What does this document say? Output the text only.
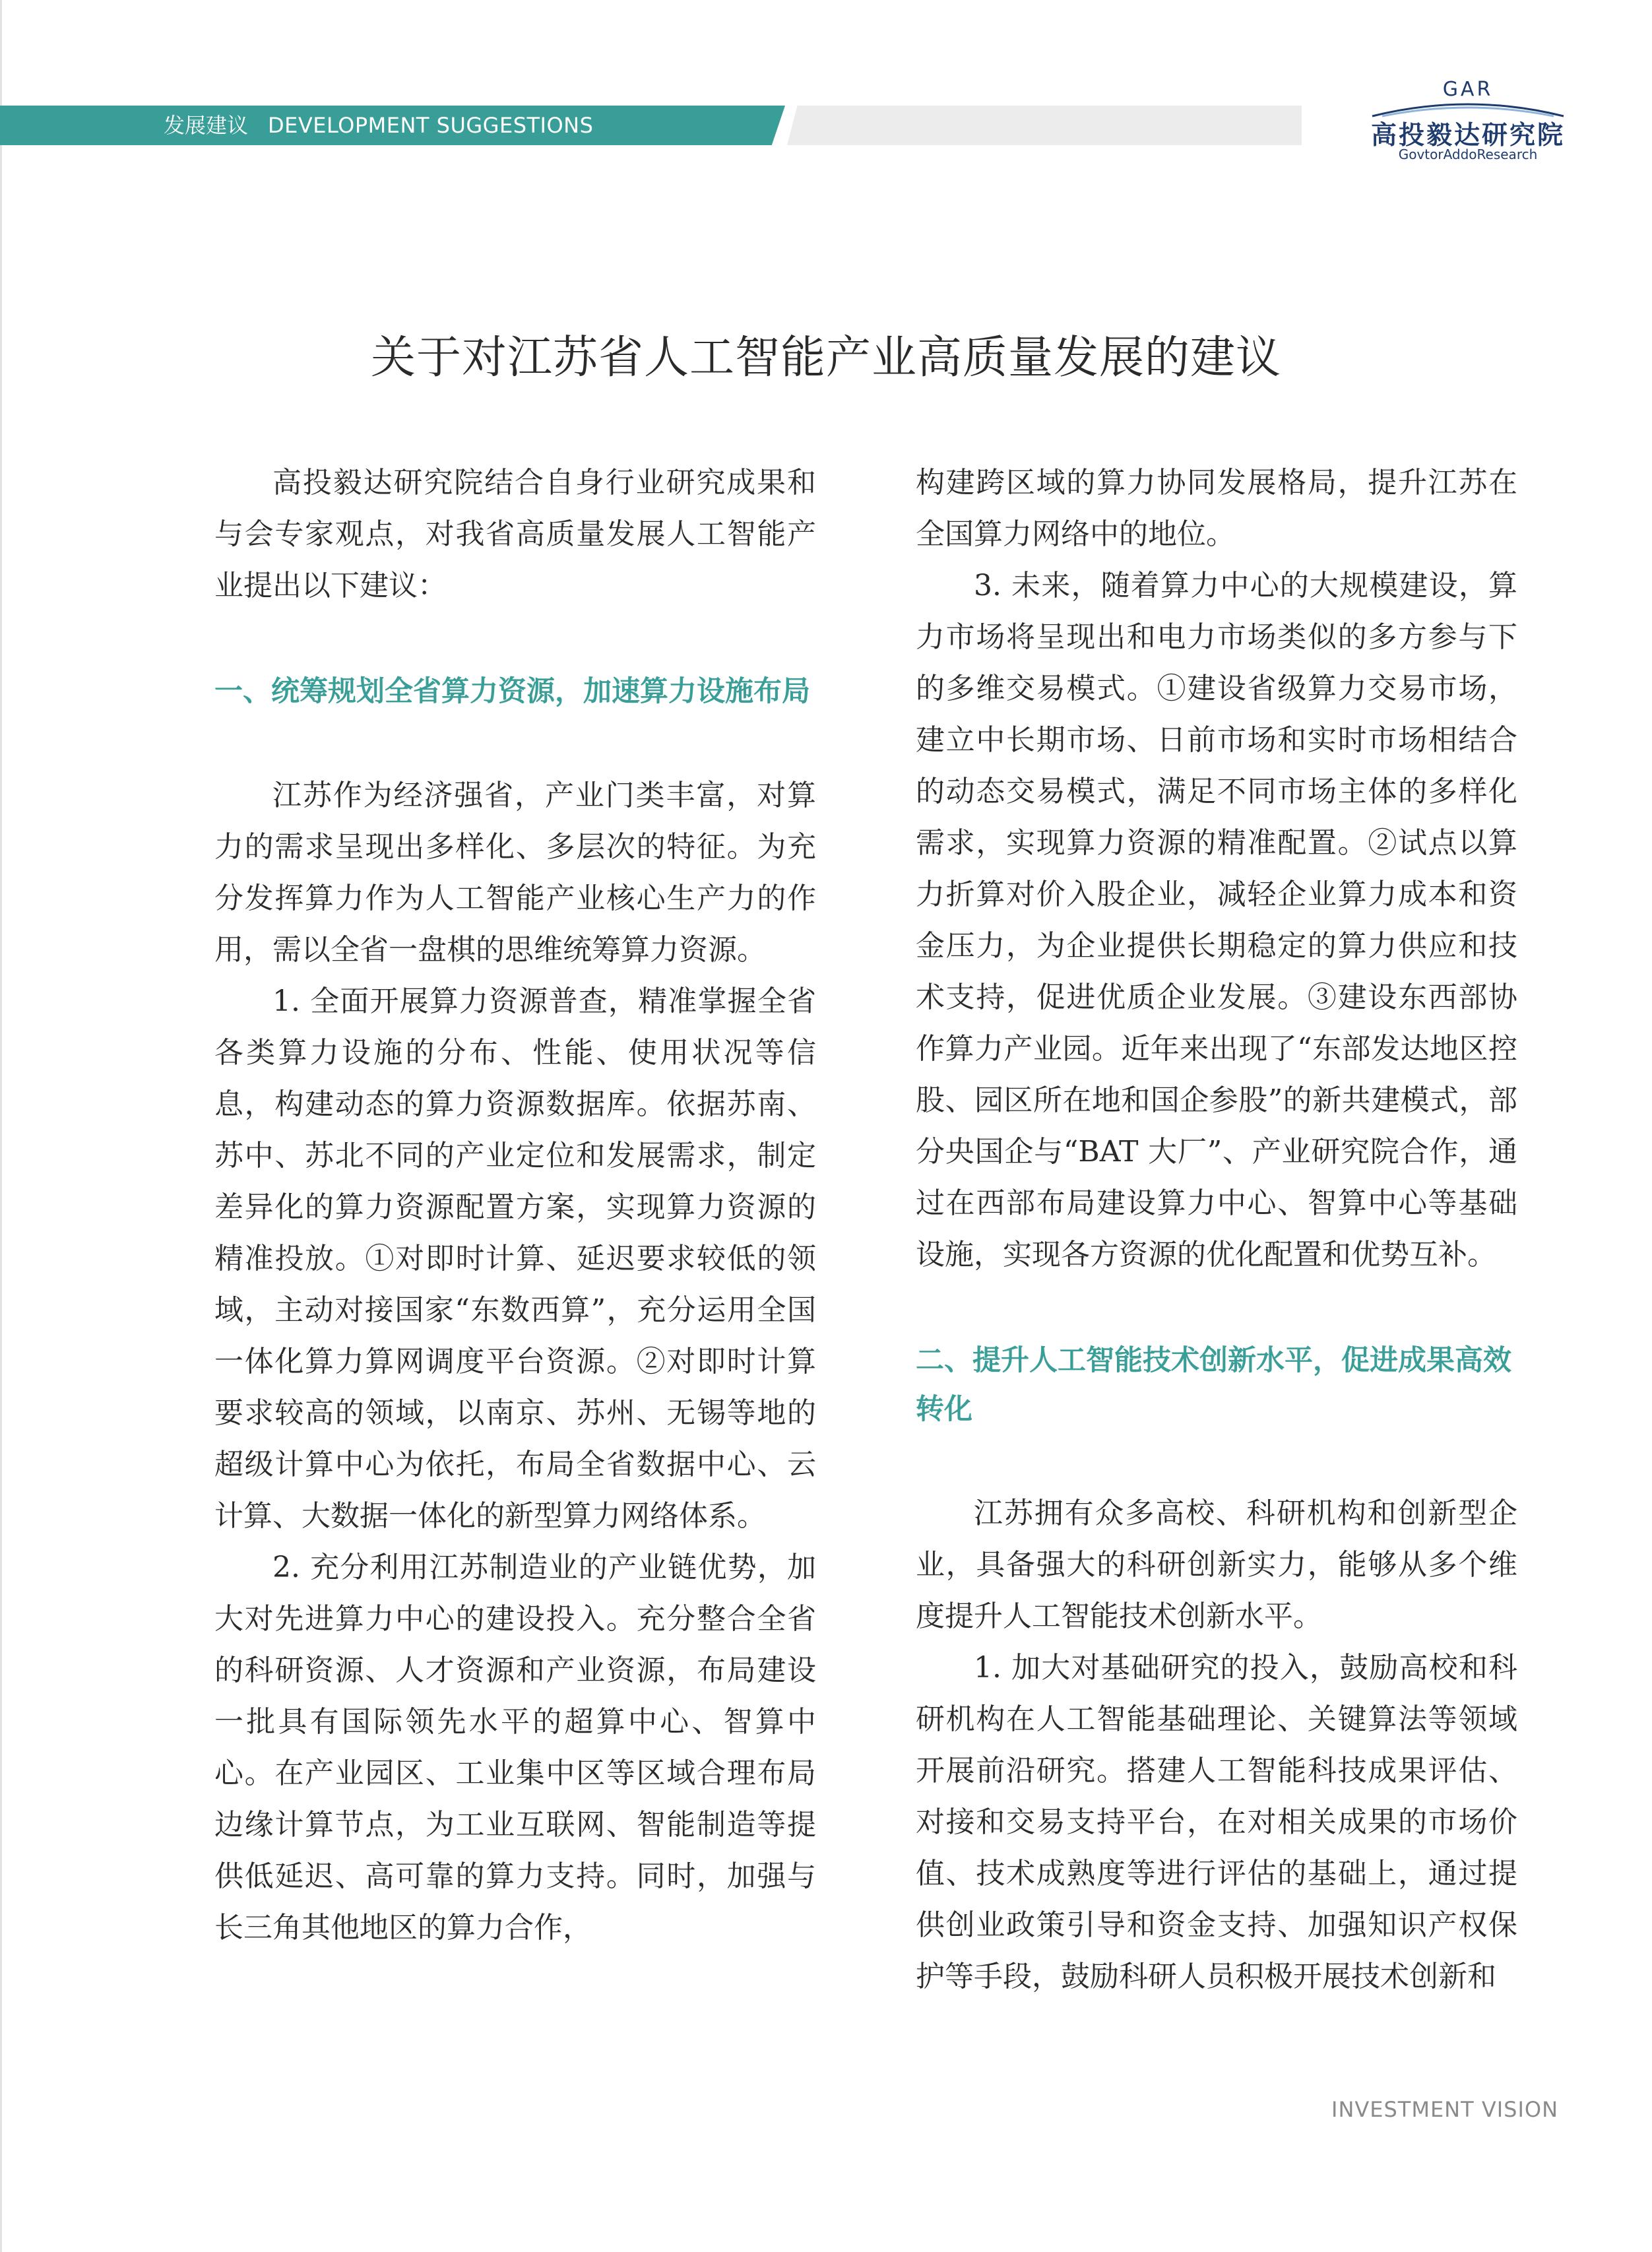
发展建议 DEVELOPMENT SUGGESTIONS
GAR
高投毅达研究院
GovtorAddoResearch
关于对江苏省人工智能产业高质量发展的建议

高投毅达研究院结合自身行业研究成果和与会专家观点，对我省高质量发展人工智能产业提出以下建议：

一、统筹规划全省算力资源，加速算力设施布局

江苏作为经济强省，产业门类丰富，对算力的需求呈现出多样化、多层次的特征。为充分发挥算力作为人工智能产业核心生产力的作用，需以全省一盘棋的思维统筹算力资源。

1. 全面开展算力资源普查，精准掌握全省各类算力设施的分布、性能、使用状况等信息，构建动态的算力资源数据库。依据苏南、苏中、苏北不同的产业定位和发展需求，制定差异化的算力资源配置方案，实现算力资源的精准投放。①对即时计算、延迟要求较低的领域，主动对接国家“东数西算”，充分运用全国一体化算力算网调度平台资源。②对即时计算要求较高的领域，以南京、苏州、无锡等地的超级计算中心为依托，布局全省数据中心、云计算、大数据一体化的新型算力网络体系。

2. 充分利用江苏制造业的产业链优势，加大对先进算力中心的建设投入。充分整合全省的科研资源、人才资源和产业资源，布局建设一批具有国际领先水平的超算中心、智算中心。在产业园区、工业集中区等区域合理布局边缘计算节点，为工业互联网、智能制造等提供低延迟、高可靠的算力支持。同时，加强与长三角其他地区的算力合作，

构建跨区域的算力协同发展格局，提升江苏在全国算力网络中的地位。

3. 未来，随着算力中心的大规模建设，算力市场将呈现出和电力市场类似的多方参与下的多维交易模式。①建设省级算力交易市场，建立中长期市场、日前市场和实时市场相结合的动态交易模式，满足不同市场主体的多样化需求，实现算力资源的精准配置。②试点以算力折算对价入股企业，减轻企业算力成本和资金压力，为企业提供长期稳定的算力供应和技术支持，促进优质企业发展。③建设东西部协作算力产业园。近年来出现了“东部发达地区控股、园区所在地和国企参股”的新共建模式，部分央国企与“BAT 大厂”、产业研究院合作，通过在西部布局建设算力中心、智算中心等基础设施，实现各方资源的优化配置和优势互补。

二、提升人工智能技术创新水平，促进成果高效转化

江苏拥有众多高校、科研机构和创新型企业，具备强大的科研创新实力，能够从多个维度提升人工智能技术创新水平。

1. 加大对基础研究的投入，鼓励高校和科研机构在人工智能基础理论、关键算法等领域开展前沿研究。搭建人工智能科技成果评估、对接和交易支持平台，在对相关成果的市场价值、技术成熟度等进行评估的基础上，通过提供创业政策引导和资金支持、加强知识产权保护等手段，鼓励科研人员积极开展技术创新和

INVESTMENT VISION
